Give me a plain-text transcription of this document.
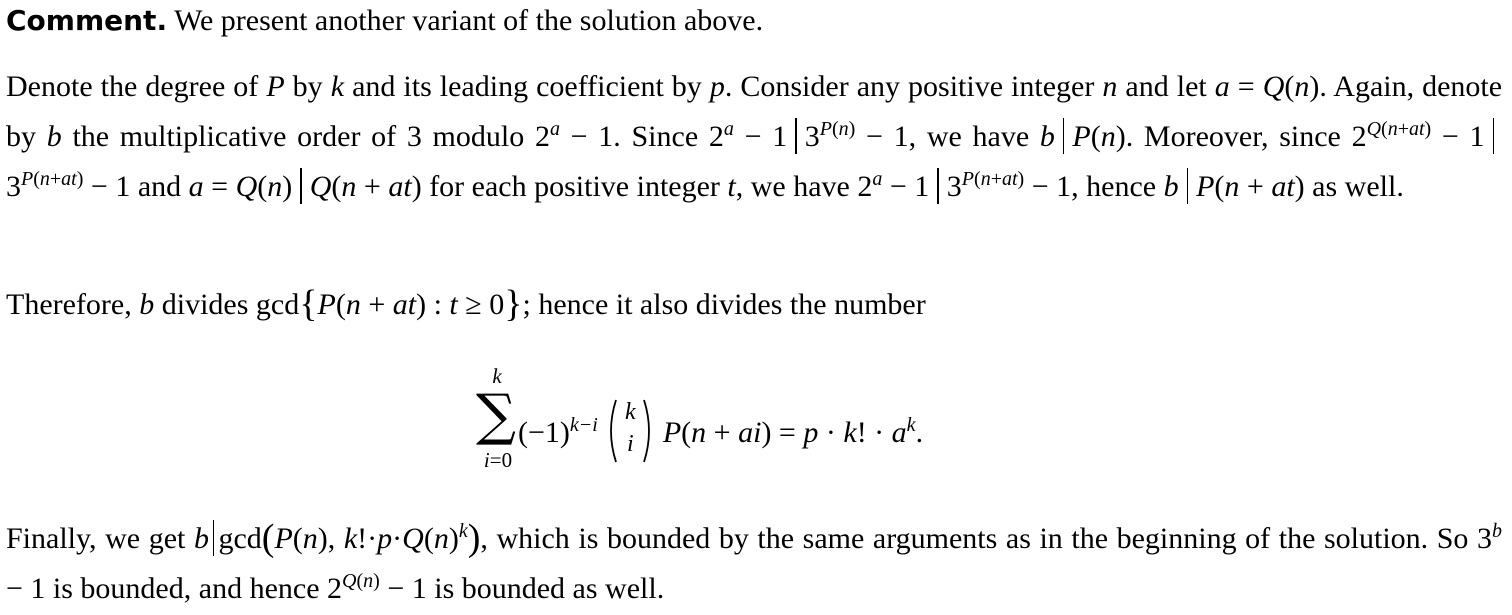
Comment. We present another variant of the solution above.
Denote the degree of P by k and its leading coefficient by p. Consider any positive integer n and let a = Q(n). Again, denote by b the multiplicative order of 3 modulo $2^a - 1$. Since $2^a - 1$ $3^{P(n)} - 1$, we have b P(n). Moreover, since $2^{Q(n+at)} - 13^{P(n+at)} - 1$ and a = Q(n) Q(n + at) for each positive integer t, we have $2^a - 1$ $3^{P(n+at)} - 1$, hence b P(n + at) as well.
Therefore, b divides gcd{P(n + at) : t ≥ 0}; hence it also divides the number
k
∑
i=0
$(-1)^{k-i}$	k
i P(n + ai) = p · k! · $a^k$.
Finally, we get b gcd(P(n), $k!\cdot p\cdot Q(n)^k$), which is bounded by the same arguments as in the beginning of the solution. So $3^b - 1$ is bounded, and hence $2^{Q(n)} - 1$ is bounded as well.
